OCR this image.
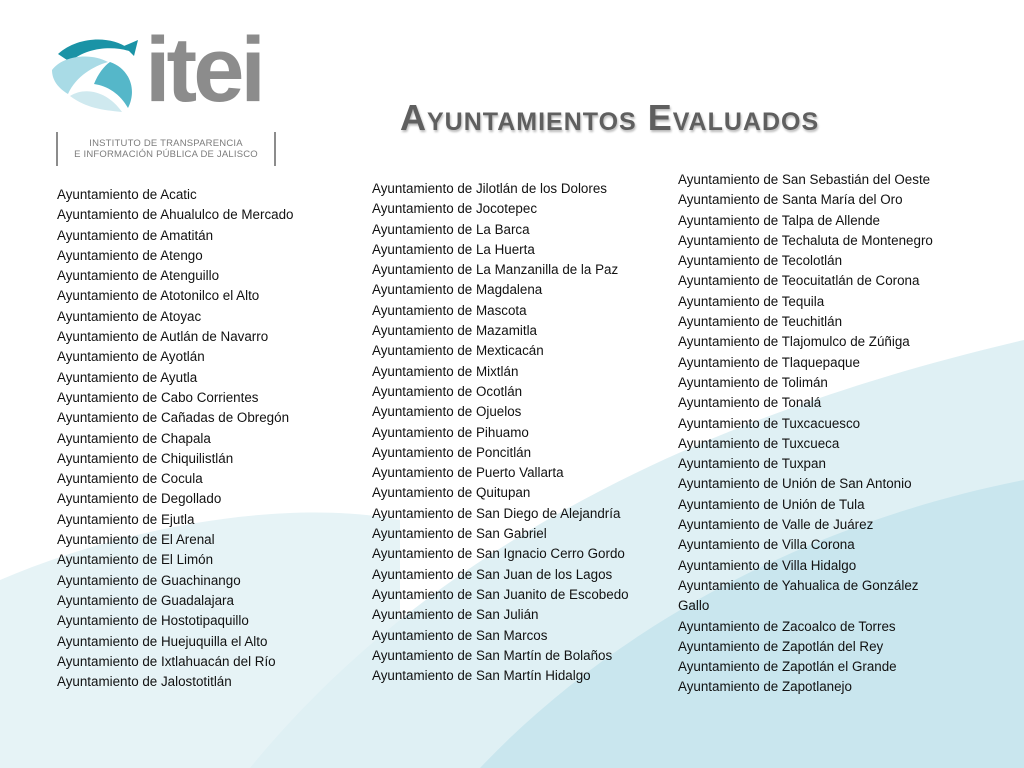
itei

INSTITUTO DE TRANSPARENCIA
E INFORMACIÓN PÚBLICA DE JALISCO
Ayuntamientos Evaluados
Ayuntamiento de Acatic
Ayuntamiento de Ahualulco de Mercado
Ayuntamiento de Amatitán
Ayuntamiento de Atengo
Ayuntamiento de Atenguillo
Ayuntamiento de Atotonilco el Alto
Ayuntamiento de Atoyac
Ayuntamiento de Autlán de Navarro
Ayuntamiento de Ayotlán
Ayuntamiento de Ayutla
Ayuntamiento de Cabo Corrientes
Ayuntamiento de Cañadas de Obregón
Ayuntamiento de Chapala
Ayuntamiento de Chiquilistlán
Ayuntamiento de Cocula
Ayuntamiento de Degollado
Ayuntamiento de Ejutla
Ayuntamiento de El Arenal
Ayuntamiento de El Limón
Ayuntamiento de Guachinango
Ayuntamiento de Guadalajara
Ayuntamiento de Hostotipaquillo
Ayuntamiento de Huejuquilla el Alto
Ayuntamiento de Ixtlahuacán del Río
Ayuntamiento de Jalostotitlán
Ayuntamiento de Jilotlán de los Dolores
Ayuntamiento de Jocotepec
Ayuntamiento de La Barca
Ayuntamiento de La Huerta
Ayuntamiento de La Manzanilla de la Paz
Ayuntamiento de Magdalena
Ayuntamiento de Mascota
Ayuntamiento de Mazamitla
Ayuntamiento de Mexticacán
Ayuntamiento de Mixtlán
Ayuntamiento de Ocotlán
Ayuntamiento de Ojuelos
Ayuntamiento de Pihuamo
Ayuntamiento de Poncitlán
Ayuntamiento de Puerto Vallarta
Ayuntamiento de Quitupan
Ayuntamiento de San Diego de Alejandría
Ayuntamiento de San Gabriel
Ayuntamiento de San Ignacio Cerro Gordo
Ayuntamiento de San Juan de los Lagos
Ayuntamiento de San Juanito de Escobedo
Ayuntamiento de San Julián
Ayuntamiento de San Marcos
Ayuntamiento de San Martín de Bolaños
Ayuntamiento de San Martín Hidalgo
Ayuntamiento de San Sebastián del Oeste
Ayuntamiento de Santa María del Oro
Ayuntamiento de Talpa de Allende
Ayuntamiento de Techaluta de Montenegro
Ayuntamiento de Tecolotlán
Ayuntamiento de Teocuitatlán de Corona
Ayuntamiento de Tequila
Ayuntamiento de Teuchitlán
Ayuntamiento de Tlajomulco de Zúñiga
Ayuntamiento de Tlaquepaque
Ayuntamiento de Tolimán
Ayuntamiento de Tonalá
Ayuntamiento de Tuxcacuesco
Ayuntamiento de Tuxcueca
Ayuntamiento de Tuxpan
Ayuntamiento de Unión de San Antonio
Ayuntamiento de Unión de Tula
Ayuntamiento de Valle de Juárez
Ayuntamiento de Villa Corona
Ayuntamiento de Villa Hidalgo
Ayuntamiento de Yahualica de González
Gallo
Ayuntamiento de Zacoalco de Torres
Ayuntamiento de Zapotlán del Rey
Ayuntamiento de Zapotlán el Grande
Ayuntamiento de Zapotlanejo
